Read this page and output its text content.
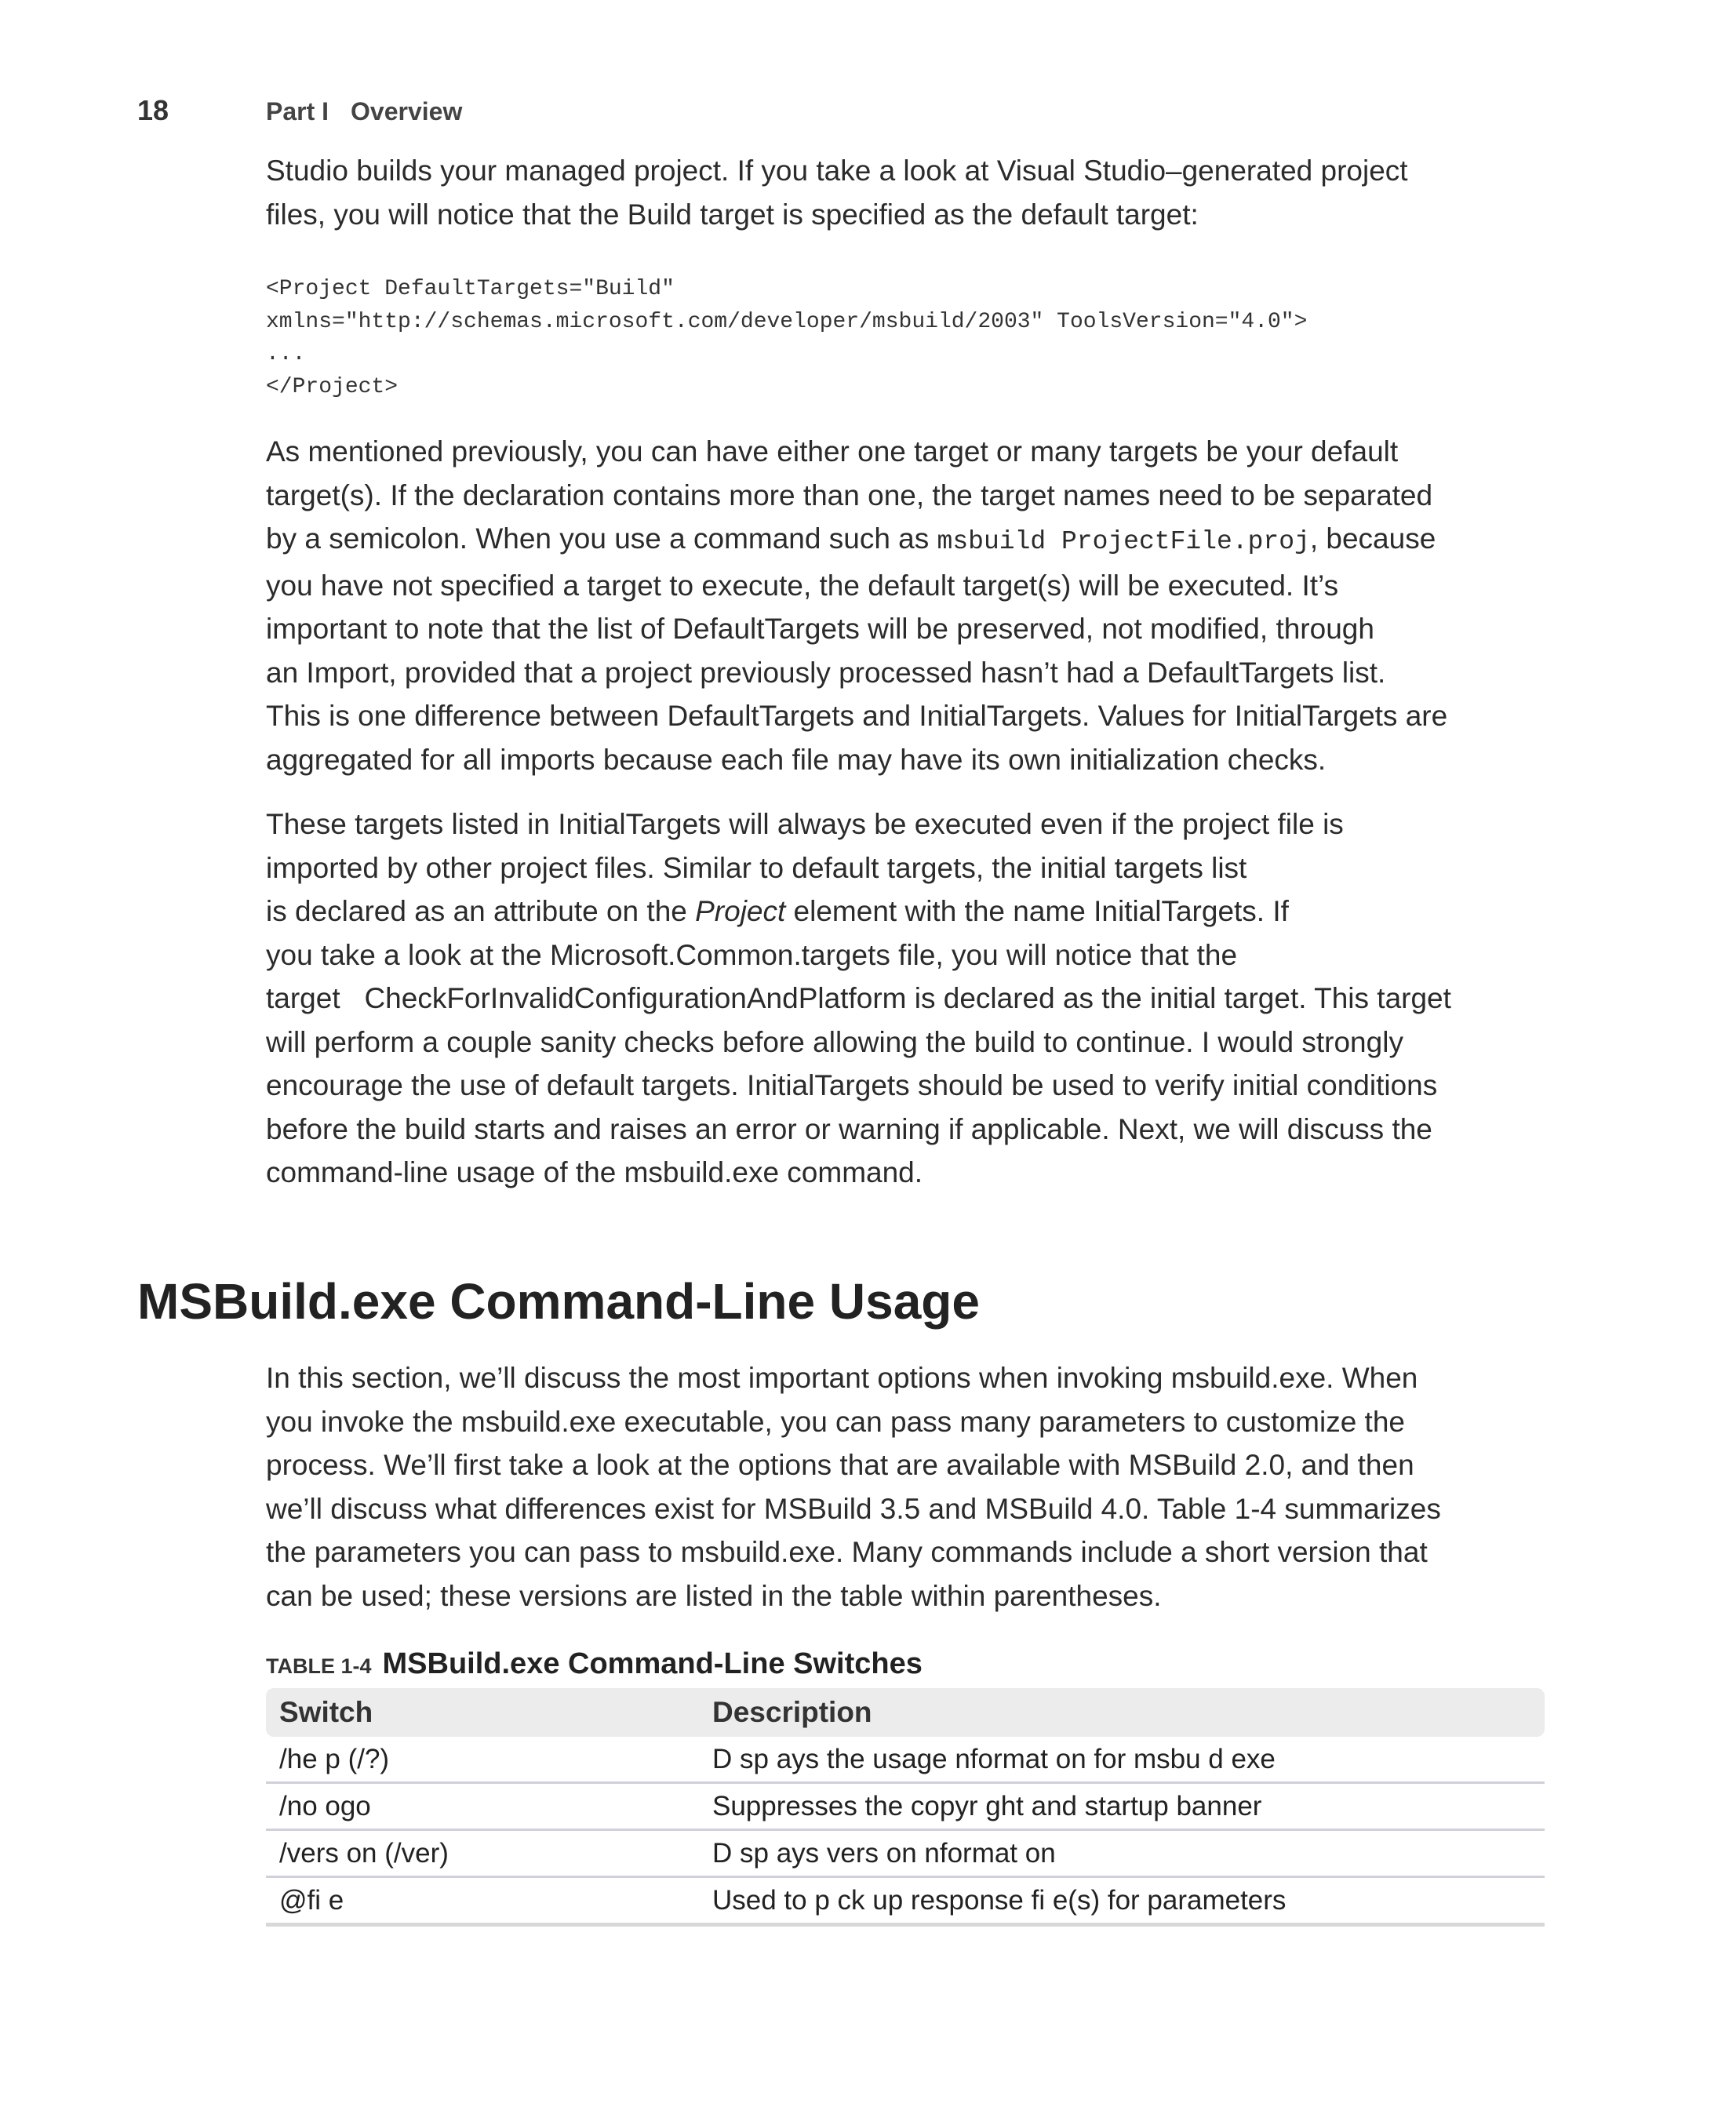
18	Part I Overview
Studio builds your managed project. If you take a look at Visual Studio–generated project
files, you will notice that the Build target is specified as the default target:
<Project DefaultTargets="Build"
xmlns="http://schemas.microsoft.com/developer/msbuild/2003" ToolsVersion="4.0">
...
</Project>
As mentioned previously, you can have either one target or many targets be your default
target(s). If the declaration contains more than one, the target names need to be separated
by a semicolon. When you use a command such as msbuild ProjectFile.proj, because
you have not specified a target to execute, the default target(s) will be executed. It’s
important to note that the list of DefaultTargets will be preserved, not modified, through
an Import, provided that a project previously processed hasn’t had a DefaultTargets list.
This is one difference between DefaultTargets and InitialTargets. Values for InitialTargets are
aggregated for all imports because each file may have its own initialization checks.
These targets listed in InitialTargets will always be executed even if the project file is
imported by other project files. Similar to default targets, the initial targets list
is declared as an attribute on the Project element with the name InitialTargets. If
you take a look at the Microsoft.Common.targets file, you will notice that the
target   CheckForInvalidConfigurationAndPlatform is declared as the initial target. This target
will perform a couple sanity checks before allowing the build to continue. I would strongly
encourage the use of default targets. InitialTargets should be used to verify initial conditions
before the build starts and raises an error or warning if applicable. Next, we will discuss the
command-line usage of the msbuild.exe command.
MSBuild.exe Command-Line Usage
In this section, we’ll discuss the most important options when invoking msbuild.exe. When
you invoke the msbuild.exe executable, you can pass many parameters to customize the
process. We’ll first take a look at the options that are available with MSBuild 2.0, and then
we’ll discuss what differences exist for MSBuild 3.5 and MSBuild 4.0. Table 1-4 summarizes
the parameters you can pass to msbuild.exe. Many commands include a short version that
can be used; these versions are listed in the table within parentheses.
TABLE 1-4 MSBuild.exe Command-Line Switches
Switch	Description
/he p (/?)	D sp ays the usage nformat on for msbu d exe
/no ogo	Suppresses the copyr ght and startup banner
/vers on (/ver)	D sp ays vers on nformat on
@fi e	Used to p ck up response fi e(s) for parameters
